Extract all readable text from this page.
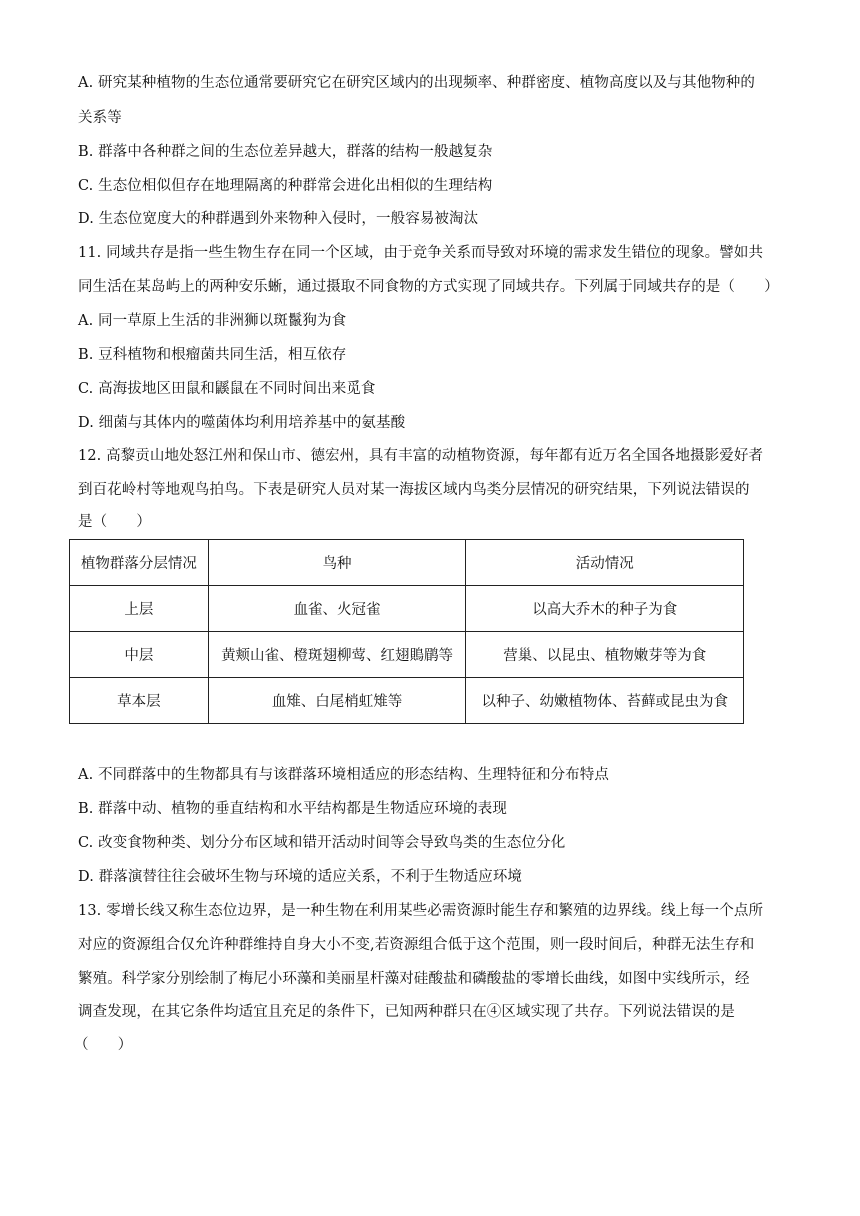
A. 研究某种植物的生态位通常要研究它在研究区域内的出现频率、种群密度、植物高度以及与其他物种的
关系等
B. 群落中各种群之间的生态位差异越大，群落的结构一般越复杂
C. 生态位相似但存在地理隔离的种群常会进化出相似的生理结构
D. 生态位宽度大的种群遇到外来物种入侵时，一般容易被淘汰
11. 同域共存是指一些生物生存在同一个区域，由于竞争关系而导致对环境的需求发生错位的现象。譬如共
同生活在某岛屿上的两种安乐蜥，通过摄取不同食物的方式实现了同域共存。下列属于同域共存的是（　　）
A. 同一草原上生活的非洲狮以斑鬣狗为食
B. 豆科植物和根瘤菌共同生活，相互依存
C. 高海拔地区田鼠和鼷鼠在不同时间出来觅食
D. 细菌与其体内的噬菌体均利用培养基中的氨基酸
12. 高黎贡山地处怒江州和保山市、德宏州，具有丰富的动植物资源，每年都有近万名全国各地摄影爱好者
到百花岭村等地观鸟拍鸟。下表是研究人员对某一海拔区域内鸟类分层情况的研究结果，下列说法错误的
是（　　）
植物群落分层情况	鸟种	活动情况
上层	血雀、火冠雀	以高大乔木的种子为食
中层	黄颊山雀、橙斑翅柳莺、红翅鵙鹛等	营巢、以昆虫、植物嫩芽等为食
草本层	血雉、白尾梢虹雉等	以种子、幼嫩植物体、苔藓或昆虫为食
A. 不同群落中的生物都具有与该群落环境相适应的形态结构、生理特征和分布特点
B. 群落中动、植物的垂直结构和水平结构都是生物适应环境的表现
C. 改变食物种类、划分分布区域和错开活动时间等会导致鸟类的生态位分化
D. 群落演替往往会破坏生物与环境的适应关系，不利于生物适应环境
13. 零增长线又称生态位边界，是一种生物在利用某些必需资源时能生存和繁殖的边界线。线上每一个点所
对应的资源组合仅允许种群维持自身大小不变,若资源组合低于这个范围，则一段时间后，种群无法生存和
繁殖。科学家分别绘制了梅尼小环藻和美丽星杆藻对硅酸盐和磷酸盐的零增长曲线，如图中实线所示，经
调查发现，在其它条件均适宜且充足的条件下，已知两种群只在④区域实现了共存。下列说法错误的是
（　　）
